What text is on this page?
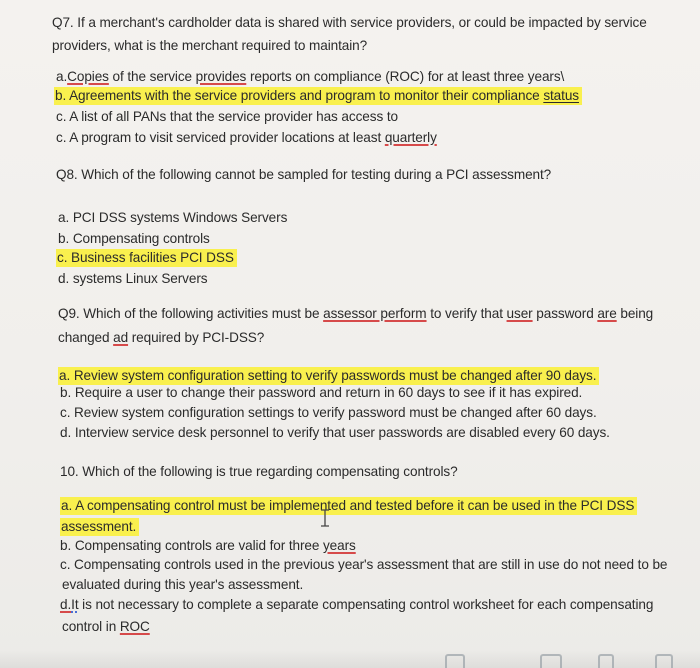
Q7. If a merchant's cardholder data is shared with service providers, or could be impacted by service
providers, what is the merchant required to maintain?
a.Copies of the service provides reports on compliance (ROC) for at least three years\
b. Agreements with the service providers and program to monitor their compliance status
c. A list of all PANs that the service provider has access to
c. A program to visit serviced provider locations at least quarterly
Q8. Which of the following cannot be sampled for testing during a PCI assessment?
a. PCI DSS systems Windows Servers
b. Compensating controls
c. Business facilities PCI DSS
d. systems Linux Servers
Q9. Which of the following activities must be assessor perform to verify that user password are being
changed ad required by PCI-DSS?
a. Review system configuration setting to verify passwords must be changed after 90 days.
b. Require a user to change their password and return in 60 days to see if it has expired.
c. Review system configuration settings to verify password must be changed after 60 days.
d. Interview service desk personnel to verify that user passwords are disabled every 60 days.
10. Which of the following is true regarding compensating controls?
a. A compensating control must be implemented and tested before it can be used in the PCI DSS
assessment.
b. Compensating controls are valid for three years
c. Compensating controls used in the previous year's assessment that are still in use do not need to be
evaluated during this year's assessment.
d.It is not necessary to complete a separate compensating control worksheet for each compensating
control in ROC
